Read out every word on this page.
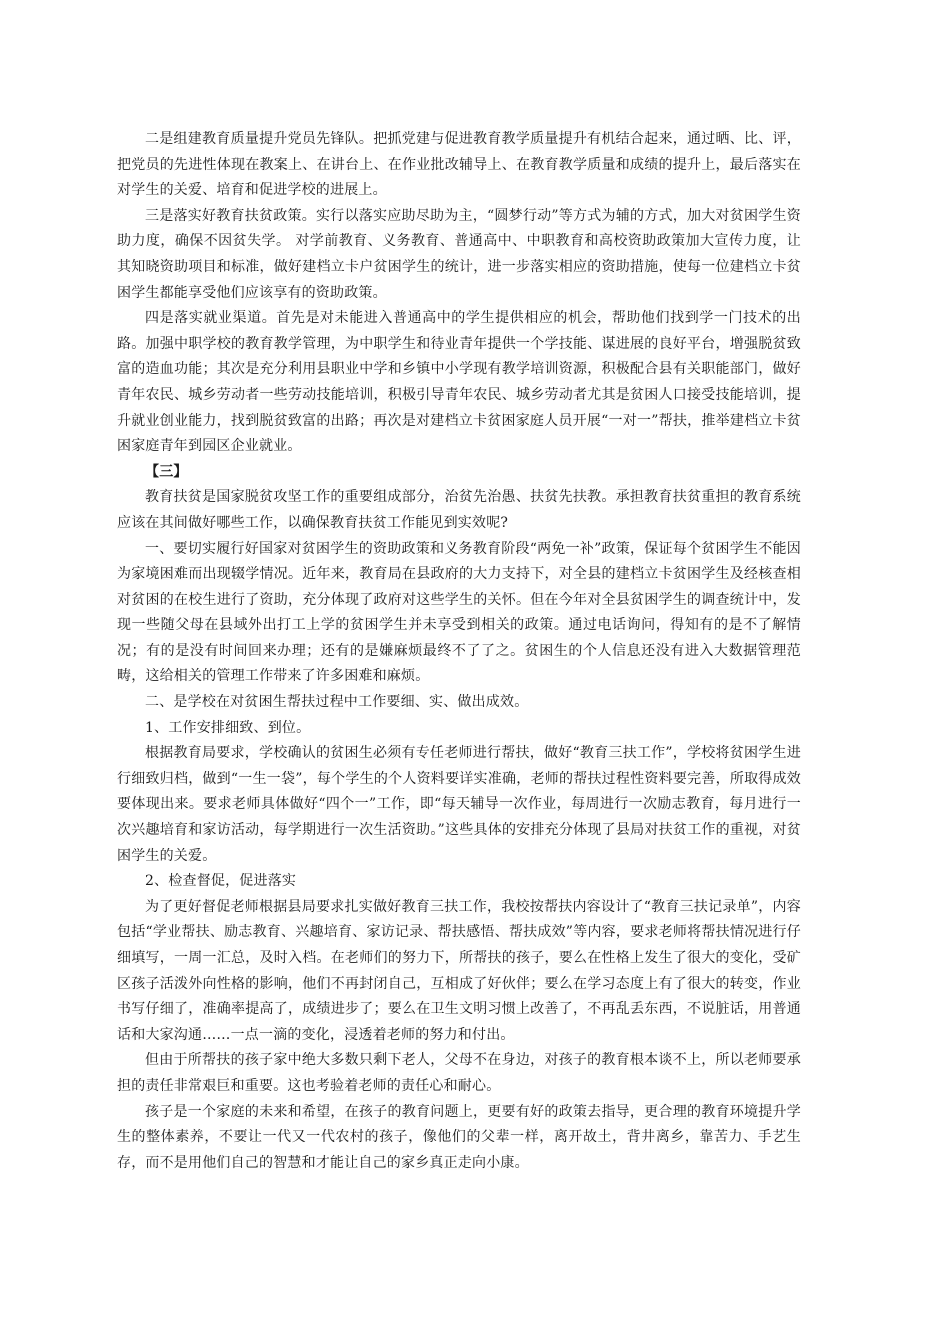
二是组建教育质量提升党员先锋队。把抓党建与促进教育教学质量提升有机结合起来，通过晒、比、评，把党员的先进性体现在教案上、在讲台上、在作业批改辅导上、在教育教学质量和成绩的提升上，最后落实在对学生的关爱、培育和促进学校的进展上。

三是落实好教育扶贫政策。实行以落实应助尽助为主，“圆梦行动”等方式为辅的方式，加大对贫困学生资助力度，确保不因贫失学。 对学前教育、义务教育、普通高中、中职教育和高校资助政策加大宣传力度，让其知晓资助项目和标准，做好建档立卡户贫困学生的统计，进一步落实相应的资助措施，使每一位建档立卡贫困学生都能享受他们应该享有的资助政策。

四是落实就业渠道。首先是对未能进入普通高中的学生提供相应的机会，帮助他们找到学一门技术的出路。加强中职学校的教育教学管理，为中职学生和待业青年提供一个学技能、谋进展的良好平台，增强脱贫致富的造血功能；其次是充分利用县职业中学和乡镇中小学现有教学培训资源，积极配合县有关职能部门，做好青年农民、城乡劳动者一些劳动技能培训，积极引导青年农民、城乡劳动者尤其是贫困人口接受技能培训，提升就业创业能力，找到脱贫致富的出路；再次是对建档立卡贫困家庭人员开展“一对一”帮扶，推举建档立卡贫困家庭青年到园区企业就业。

【三】

教育扶贫是国家脱贫攻坚工作的重要组成部分，治贫先治愚、扶贫先扶教。承担教育扶贫重担的教育系统应该在其间做好哪些工作，以确保教育扶贫工作能见到实效呢?

一、要切实履行好国家对贫困学生的资助政策和义务教育阶段“两免一补”政策，保证每个贫困学生不能因为家境困难而出现辍学情况。近年来，教育局在县政府的大力支持下，对全县的建档立卡贫困学生及经核查相对贫困的在校生进行了资助，充分体现了政府对这些学生的关怀。但在今年对全县贫困学生的调查统计中，发现一些随父母在县域外出打工上学的贫困学生并未享受到相关的政策。通过电话询问，得知有的是不了解情况；有的是没有时间回来办理；还有的是嫌麻烦最终不了了之。贫困生的个人信息还没有进入大数据管理范畴，这给相关的管理工作带来了许多困难和麻烦。

二、是学校在对贫困生帮扶过程中工作要细、实、做出成效。

1、工作安排细致、到位。

根据教育局要求，学校确认的贫困生必须有专任老师进行帮扶，做好“教育三扶工作”，学校将贫困学生进行细致归档，做到“一生一袋”，每个学生的个人资料要详实准确，老师的帮扶过程性资料要完善，所取得成效要体现出来。要求老师具体做好“四个一”工作，即“每天辅导一次作业，每周进行一次励志教育，每月进行一次兴趣培育和家访活动，每学期进行一次生活资助。”这些具体的安排充分体现了县局对扶贫工作的重视，对贫困学生的关爱。

2、检查督促，促进落实

为了更好督促老师根据县局要求扎实做好教育三扶工作，我校按帮扶内容设计了“教育三扶记录单”，内容包括“学业帮扶、励志教育、兴趣培育、家访记录、帮扶感悟、帮扶成效”等内容，要求老师将帮扶情况进行仔细填写，一周一汇总，及时入档。在老师们的努力下，所帮扶的孩子，要么在性格上发生了很大的变化，受矿区孩子活泼外向性格的影响，他们不再封闭自己，互相成了好伙伴；要么在学习态度上有了很大的转变，作业书写仔细了，准确率提高了，成绩进步了；要么在卫生文明习惯上改善了，不再乱丢东西，不说脏话，用普通话和大家沟通……一点一滴的变化，浸透着老师的努力和付出。

但由于所帮扶的孩子家中绝大多数只剩下老人，父母不在身边，对孩子的教育根本谈不上，所以老师要承担的责任非常艰巨和重要。这也考验着老师的责任心和耐心。

孩子是一个家庭的未来和希望，在孩子的教育问题上，更要有好的政策去指导，更合理的教育环境提升学生的整体素养，不要让一代又一代农村的孩子，像他们的父辈一样，离开故土，背井离乡，靠苦力、手艺生存，而不是用他们自己的智慧和才能让自己的家乡真正走向小康。
